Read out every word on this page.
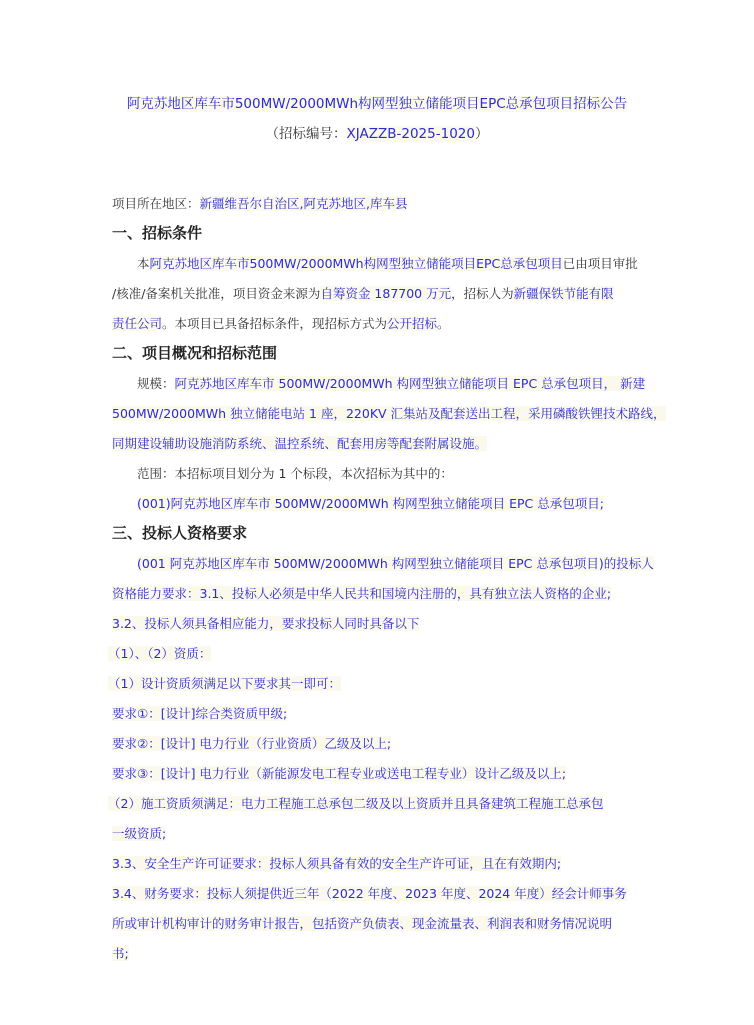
阿克苏地区库车市500MW/2000MWh构网型独立储能项目EPC总承包项目招标公告
（招标编号：XJAZZB-2025-1020）
项目所在地区：新疆维吾尔自治区,阿克苏地区,库车县
一、招标条件
本阿克苏地区库车市500MW/2000MWh构网型独立储能项目EPC总承包项目已由项目审批
/核准/备案机关批准，项目资金来源为自筹资金 187700 万元，招标人为新疆保铁节能有限
责任公司。本项目已具备招标条件，现招标方式为公开招标。
二、项目概况和招标范围
规模：阿克苏地区库车市 500MW/2000MWh 构网型独立储能项目 EPC 总承包项目， 新建
500MW/2000MWh 独立储能电站 1 座，220KV 汇集站及配套送出工程，采用磷酸铁锂技术路线，
同期建设辅助设施消防系统、温控系统、配套用房等配套附属设施。
范围：本招标项目划分为 1 个标段，本次招标为其中的：
(001)阿克苏地区库车市 500MW/2000MWh 构网型独立储能项目 EPC 总承包项目;
三、投标人资格要求
(001 阿克苏地区库车市 500MW/2000MWh 构网型独立储能项目 EPC 总承包项目)的投标人
资格能力要求：3.1、投标人必须是中华人民共和国境内注册的，具有独立法人资格的企业;
3.2、投标人须具备相应能力，要求投标人同时具备以下
（1）、（2）资质：
（1）设计资质须满足以下要求其一即可：
要求①：[设计]综合类资质甲级;
要求②：[设计] 电力行业（行业资质）乙级及以上;
要求③：[设计] 电力行业（新能源发电工程专业或送电工程专业）设计乙级及以上;
（2）施工资质须满足：电力工程施工总承包二级及以上资质并且具备建筑工程施工总承包
一级资质;
3.3、安全生产许可证要求：投标人须具备有效的安全生产许可证，且在有效期内;
3.4、财务要求：投标人须提供近三年（2022 年度、2023 年度、2024 年度）经会计师事务
所或审计机构审计的财务审计报告，包括资产负债表、现金流量表、利润表和财务情况说明
书;
